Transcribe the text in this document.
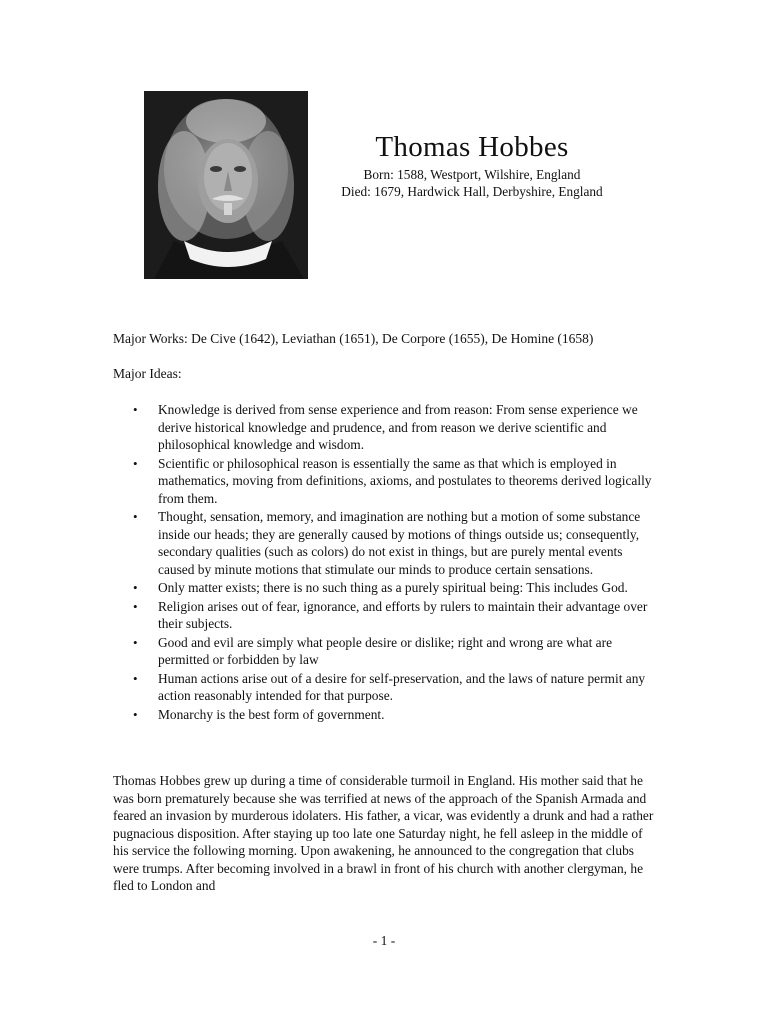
Thomas Hobbes
Born: 1588, Westport, Wilshire, England
Died: 1679, Hardwick Hall, Derbyshire, England
Major Works: De Cive (1642), Leviathan (1651), De Corpore (1655), De Homine (1658)
Major Ideas:
• Knowledge is derived from sense experience and from reason: From sense experience we derive historical knowledge and prudence, and from reason we derive scientific and philosophical knowledge and wisdom.
• Scientific or philosophical reason is essentially the same as that which is employed in mathematics, moving from definitions, axioms, and postulates to theorems derived logically from them.
• Thought, sensation, memory, and imagination are nothing but a motion of some substance inside our heads; they are generally caused by motions of things outside us; consequently, secondary qualities (such as colors) do not exist in things, but are purely mental events caused by minute motions that stimulate our minds to produce certain sensations.
• Only matter exists; there is no such thing as a purely spiritual being: This includes God.
• Religion arises out of fear, ignorance, and efforts by rulers to maintain their advantage over their subjects.
• Good and evil are simply what people desire or dislike; right and wrong are what are permitted or forbidden by law
• Human actions arise out of a desire for self-preservation, and the laws of nature permit any action reasonably intended for that purpose.
• Monarchy is the best form of government.

Thomas Hobbes grew up during a time of considerable turmoil in England. His mother said that he was born prematurely because she was terrified at news of the approach of the Spanish Armada and feared an invasion by murderous idolaters. His father, a vicar, was evidently a drunk and had a rather pugnacious disposition. After staying up too late one Saturday night, he fell asleep in the middle of his service the following morning. Upon awakening, he announced to the congregation that clubs were trumps. After becoming involved in a brawl in front of his church with another clergyman, he fled to London and

- 1 -
